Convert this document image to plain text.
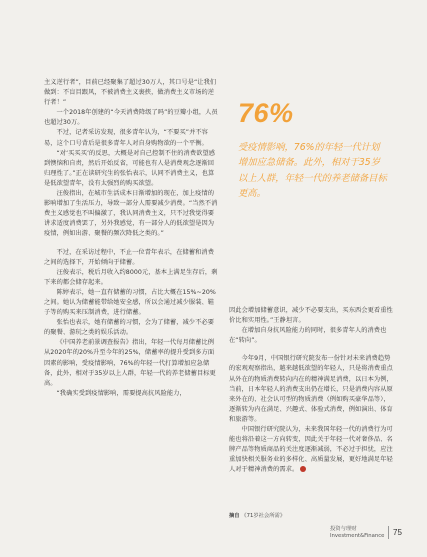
主义逆行者”，目前已经聚集了超过30万人，其口号是“让我们做到：不盲目跟风，不被消费主义裹挟，做消费主义市场的逆行者！”

一个2018年创建的“今天消费降级了吗”的豆瓣小组，人员也超过30万。

不过，记者采访发现，很多青年认为，“不要买”并不容易，这个口号背后是很多青年人对自身购物欲的一个平衡。

“对‘买买买’的反思，大概是对自己控制不住的消费欲望感到懊恼和自责，然后开始反省，可能也有人是消费观念逐渐回归理性了。”正在读研究生的张怡表示，认同不消费主义，也算是低欲望青年，没有太强烈的购买欲望。

汪俊指出，在城市生活成本日渐增加的现在，加上疫情的影响增加了生活压力，导致一部分人需要减少消费。“当然不消费主义感觉也不叫偏激了，我认同消费主义，只不过我觉得要讲求适度消费罢了，另外我感觉，有一部分人的低欲望是因为疫情，例如出游、聚餐的频次降低之类的。”

不过，在采访过程中，不止一位青年表示，在储蓄和消费之间的选择下，开始倾向于储蓄。

汪俊表示，税后月收入约8000元，基本上满足生存后，剩下来的都会储存起来。

陈婷表示，她一直有储蓄的习惯，占比大概在15%~20%之间。她认为储蓄能带给她安全感，所以会通过减少服装、鞋子等的购买来压制消费，进行储蓄。

张怡也表示，她有储蓄的习惯，会为了储蓄，减少不必要的聚餐、游玩之类的娱乐活动。

《中国养老前景调查报告》指出，年轻一代每月储蓄比例从2020年的20%升至今年的25%，储蓄率的提升受到多方面因素的影响，受疫情影响，76%的年轻一代打算增加应急储备，此外，相对于35岁以上人群，年轻一代的养老储蓄目标更高。

“我确实受到疫情影响，需要提高抗风险能力，

76%
受疫情影响，76%的年轻一代计划增加应急储备。此外，相对于35岁以上人群，年轻一代的养老储备目标更高。

因此会增加储蓄意识，减少不必要支出，买东西会更看重性价比和实用性。”王静坦言。

在增加自身抗风险能力的同时，很多青年人的消费也在“转向”。

今年9月，中国银行研究院发布一份针对未来消费趋势的宏观观察指出，越来越低欲望的年轻人，只是将消费重点从外在的物质消费转向内在的精神满足消费，以日本为例，当前，日本年轻人的消费支出仍在增长，只是消费内容从原来外在的、社会认可型的物质消费（例如购买豪华品等），逐渐转为内在满足、兴趣式、体验式消费，例如演出、体育和旅游等。

中国银行研究院认为，未来我国年轻一代的消费行为可能也将沿着这一方向转变，因此关于年轻一代对奢侈品、名牌产品等物质商品的关注度逐渐减弱，不必过于担忧，应注重加快相关服务业的多样化、高质量发展，更好地满足年轻人对于精神消费的需求。

摘自 《71岁社会所需》
投资与理财
Investment&Finance 75
